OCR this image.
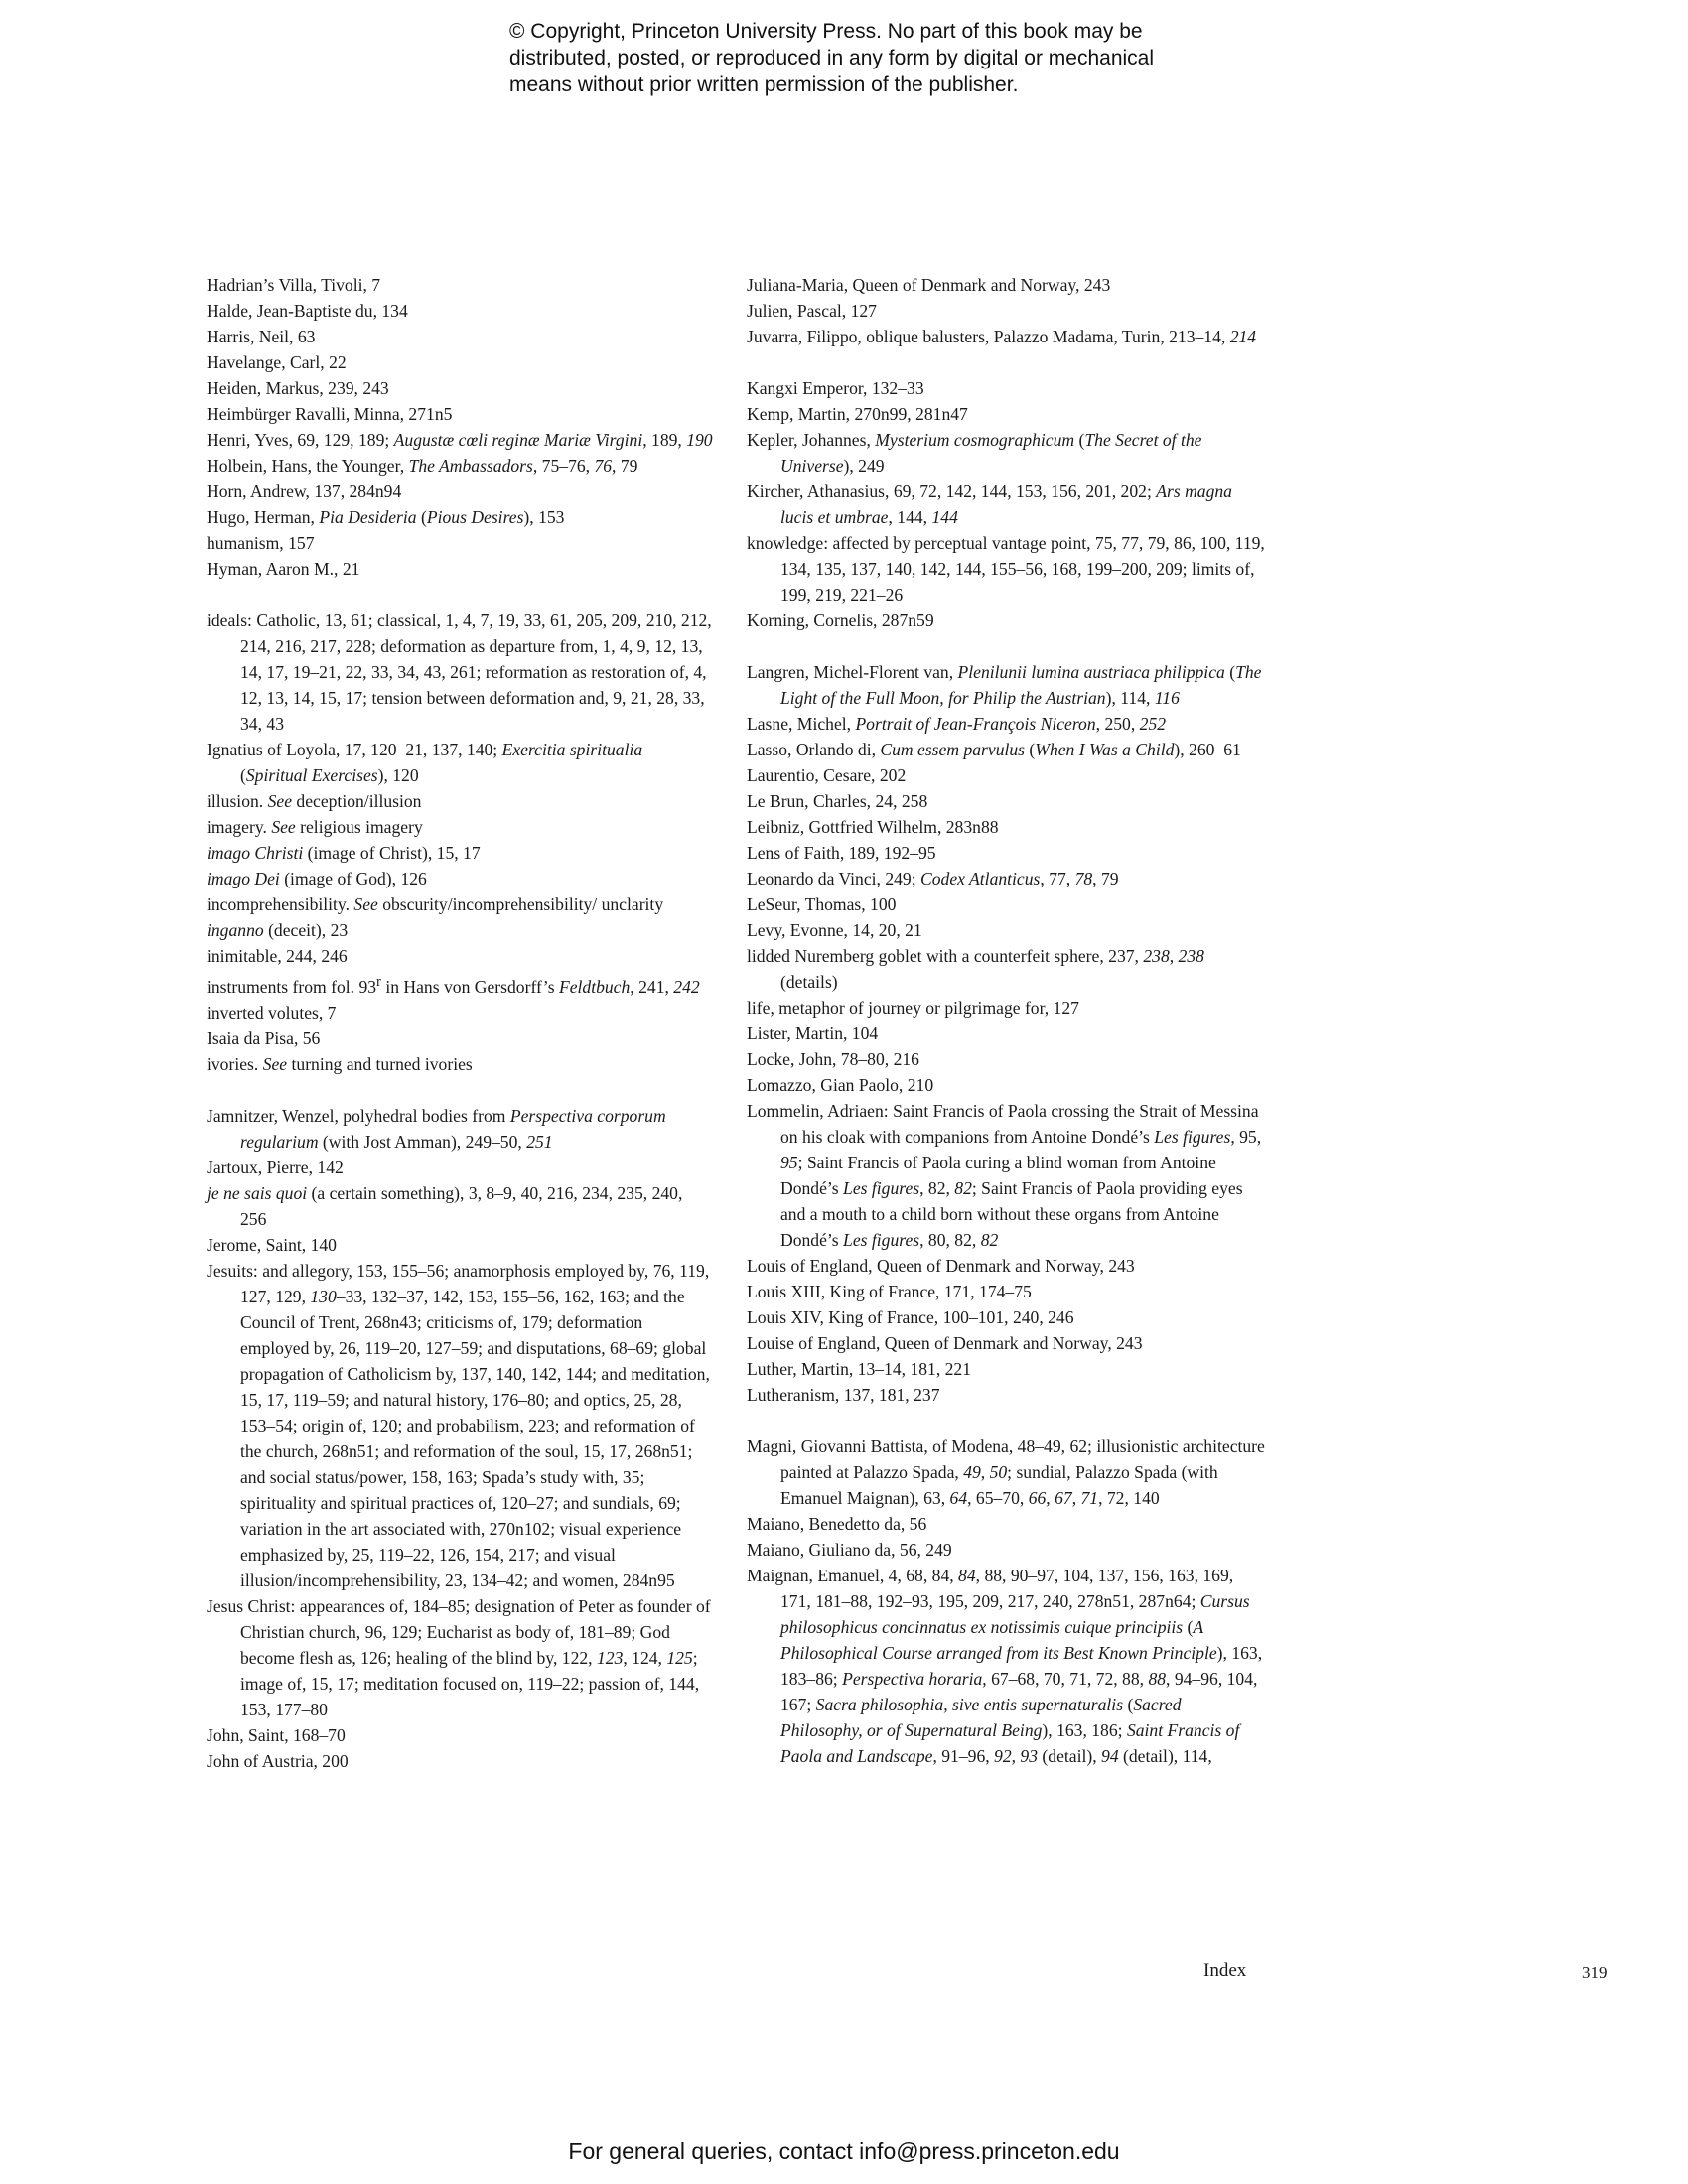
© Copyright, Princeton University Press. No part of this book may be
distributed, posted, or reproduced in any form by digital or mechanical
means without prior written permission of the publisher.

Hadrian’s Villa, Tivoli, 7

Halde, Jean-Baptiste du, 134

Harris, Neil, 63

Havelange, Carl, 22

Heiden, Markus, 239, 243

Heimbürger Ravalli, Minna, 271n5

Henri, Yves, 69, 129, 189; Augustæ cœli reginæ Mariæ Virgini, 189, 190

Holbein, Hans, the Younger, The Ambassadors, 75–76, 76, 79

Horn, Andrew, 137, 284n94

Hugo, Herman, Pia Desideria (Pious Desires), 153

humanism, 157

Hyman, Aaron M., 21

ideals: Catholic, 13, 61; classical, 1, 4, 7, 19, 33, 61, 205, 209, 210, 212, 214, 216, 217, 228; deformation as departure from, 1, 4, 9, 12, 13, 14, 17, 19–21, 22, 33, 34, 43, 261; reformation as restoration of, 4, 12, 13, 14, 15, 17; tension between deformation and, 9, 21, 28, 33, 34, 43

Ignatius of Loyola, 17, 120–21, 137, 140; Exercitia spiritualia (Spiritual Exercises), 120

illusion. See deception/illusion

imagery. See religious imagery

imago Christi (image of Christ), 15, 17

imago Dei (image of God), 126

incomprehensibility. See obscurity/incomprehensibility/ unclarity

inganno (deceit), 23

inimitable, 244, 246

instruments from fol. 93$^r$ in Hans von Gersdorff’s Feldtbuch, 241, 242

inverted volutes, 7

Isaia da Pisa, 56

ivories. See turning and turned ivories

Jamnitzer, Wenzel, polyhedral bodies from Perspectiva corporum regularium (with Jost Amman), 249–50, 251

Jartoux, Pierre, 142

je ne sais quoi (a certain something), 3, 8–9, 40, 216, 234, 235, 240, 256

Jerome, Saint, 140

Jesuits: and allegory, 153, 155–56; anamorphosis employed by, 76, 119, 127, 129, 130–33, 132–37, 142, 153, 155–56, 162, 163; and the Council of Trent, 268n43; criticisms of, 179; deformation employed by, 26, 119–20, 127–59; and disputations, 68–69; global propagation of Catholicism by, 137, 140, 142, 144; and meditation, 15, 17, 119–59; and natural history, 176–80; and optics, 25, 28, 153–54; origin of, 120; and probabilism, 223; and reformation of the church, 268n51; and reformation of the soul, 15, 17, 268n51; and social status/power, 158, 163; Spada’s study with, 35; spirituality and spiritual practices of, 120–27; and sundials, 69; variation in the art associated with, 270n102; visual experience emphasized by, 25, 119–22, 126, 154, 217; and visual illusion/incomprehensibility, 23, 134–42; and women, 284n95

Jesus Christ: appearances of, 184–85; designation of Peter as founder of Christian church, 96, 129; Eucharist as body of, 181–89; God become flesh as, 126; healing of the blind by, 122, 123, 124, 125; image of, 15, 17; meditation focused on, 119–22; passion of, 144, 153, 177–80

John, Saint, 168–70

John of Austria, 200

Juliana-Maria, Queen of Denmark and Norway, 243

Julien, Pascal, 127

Juvarra, Filippo, oblique balusters, Palazzo Madama, Turin, 213–14, 214

Kangxi Emperor, 132–33

Kemp, Martin, 270n99, 281n47

Kepler, Johannes, Mysterium cosmographicum (The Secret of the Universe), 249

Kircher, Athanasius, 69, 72, 142, 144, 153, 156, 201, 202; Ars magna lucis et umbrae, 144, 144

knowledge: affected by perceptual vantage point, 75, 77, 79, 86, 100, 119, 134, 135, 137, 140, 142, 144, 155–56, 168, 199–200, 209; limits of, 199, 219, 221–26

Korning, Cornelis, 287n59

Langren, Michel-Florent van, Plenilunii lumina austriaca philippica (The Light of the Full Moon, for Philip the Austrian), 114, 116

Lasne, Michel, Portrait of Jean-François Niceron, 250, 252

Lasso, Orlando di, Cum essem parvulus (When I Was a Child), 260–61

Laurentio, Cesare, 202

Le Brun, Charles, 24, 258

Leibniz, Gottfried Wilhelm, 283n88

Lens of Faith, 189, 192–95

Leonardo da Vinci, 249; Codex Atlanticus, 77, 78, 79

LeSeur, Thomas, 100

Levy, Evonne, 14, 20, 21

lidded Nuremberg goblet with a counterfeit sphere, 237, 238, 238 (details)

life, metaphor of journey or pilgrimage for, 127

Lister, Martin, 104

Locke, John, 78–80, 216

Lomazzo, Gian Paolo, 210

Lommelin, Adriaen: Saint Francis of Paola crossing the Strait of Messina on his cloak with companions from Antoine Dondé’s Les figures, 95, 95; Saint Francis of Paola curing a blind woman from Antoine Dondé’s Les figures, 82, 82; Saint Francis of Paola providing eyes and a mouth to a child born without these organs from Antoine Dondé’s Les figures, 80, 82, 82

Louis of England, Queen of Denmark and Norway, 243

Louis XIII, King of France, 171, 174–75

Louis XIV, King of France, 100–101, 240, 246

Louise of England, Queen of Denmark and Norway, 243

Luther, Martin, 13–14, 181, 221

Lutheranism, 137, 181, 237

Magni, Giovanni Battista, of Modena, 48–49, 62; illusionistic architecture painted at Palazzo Spada, 49, 50; sundial, Palazzo Spada (with Emanuel Maignan), 63, 64, 65–70, 66, 67, 71, 72, 140

Maiano, Benedetto da, 56

Maiano, Giuliano da, 56, 249

Maignan, Emanuel, 4, 68, 84, 84, 88, 90–97, 104, 137, 156, 163, 169, 171, 181–88, 192–93, 195, 209, 217, 240, 278n51, 287n64; Cursus philosophicus concinnatus ex notissimis cuique principiis (A Philosophical Course arranged from its Best Known Principle), 163, 183–86; Perspectiva horaria, 67–68, 70, 71, 72, 88, 88, 94–96, 104, 167; Sacra philosophia, sive entis supernaturalis (Sacred Philosophy, or of Supernatural Being), 163, 186; Saint Francis of Paola and Landscape, 91–96, 92, 93 (detail), 94 (detail), 114,

Index	319
For general queries, contact info@press.princeton.edu
